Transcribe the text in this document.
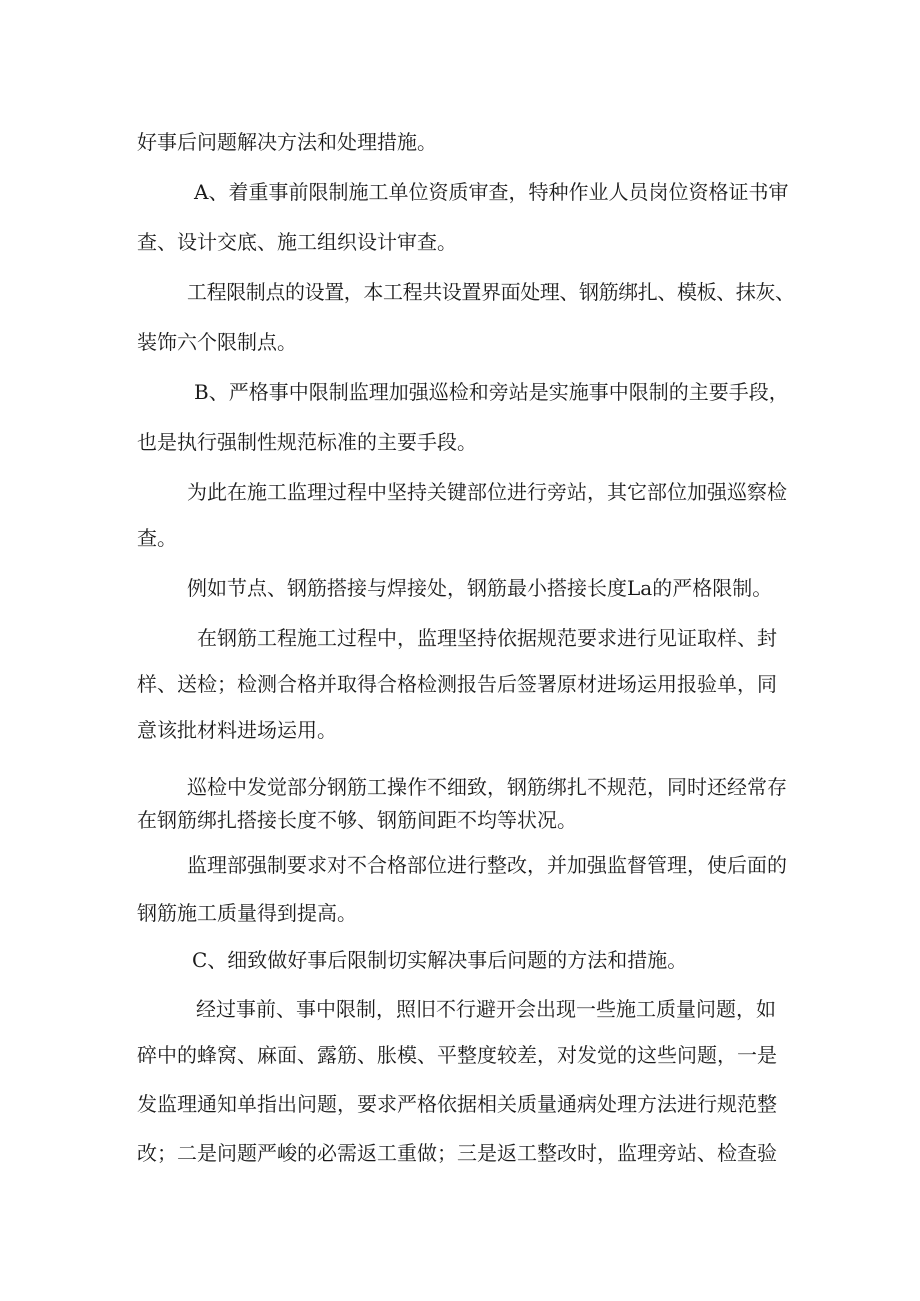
好事后问题解决方法和处理措施。
A、着重事前限制施工单位资质审查，特种作业人员岗位资格证书审
查、设计交底、施工组织设计审查。
工程限制点的设置，本工程共设置界面处理、钢筋绑扎、模板、抹灰、
装饰六个限制点。
B、严格事中限制监理加强巡检和旁站是实施事中限制的主要手段，
也是执行强制性规范标准的主要手段。
为此在施工监理过程中坚持关键部位进行旁站，其它部位加强巡察检
查。
例如节点、钢筋搭接与焊接处，钢筋最小搭接长度La的严格限制。
在钢筋工程施工过程中，监理坚持依据规范要求进行见证取样、封
样、送检；检测合格并取得合格检测报告后签署原材进场运用报验单，同
意该批材料进场运用。
巡检中发觉部分钢筋工操作不细致，钢筋绑扎不规范，同时还经常存
在钢筋绑扎搭接长度不够、钢筋间距不均等状况。
监理部强制要求对不合格部位进行整改，并加强监督管理，使后面的
钢筋施工质量得到提高。
C、细致做好事后限制切实解决事后问题的方法和措施。
经过事前、事中限制，照旧不行避开会出现一些施工质量问题，如
碎中的蜂窝、麻面、露筋、胀模、平整度较差，对发觉的这些问题，一是
发监理通知单指出问题，要求严格依据相关质量通病处理方法进行规范整
改；二是问题严峻的必需返工重做；三是返工整改时，监理旁站、检查验
